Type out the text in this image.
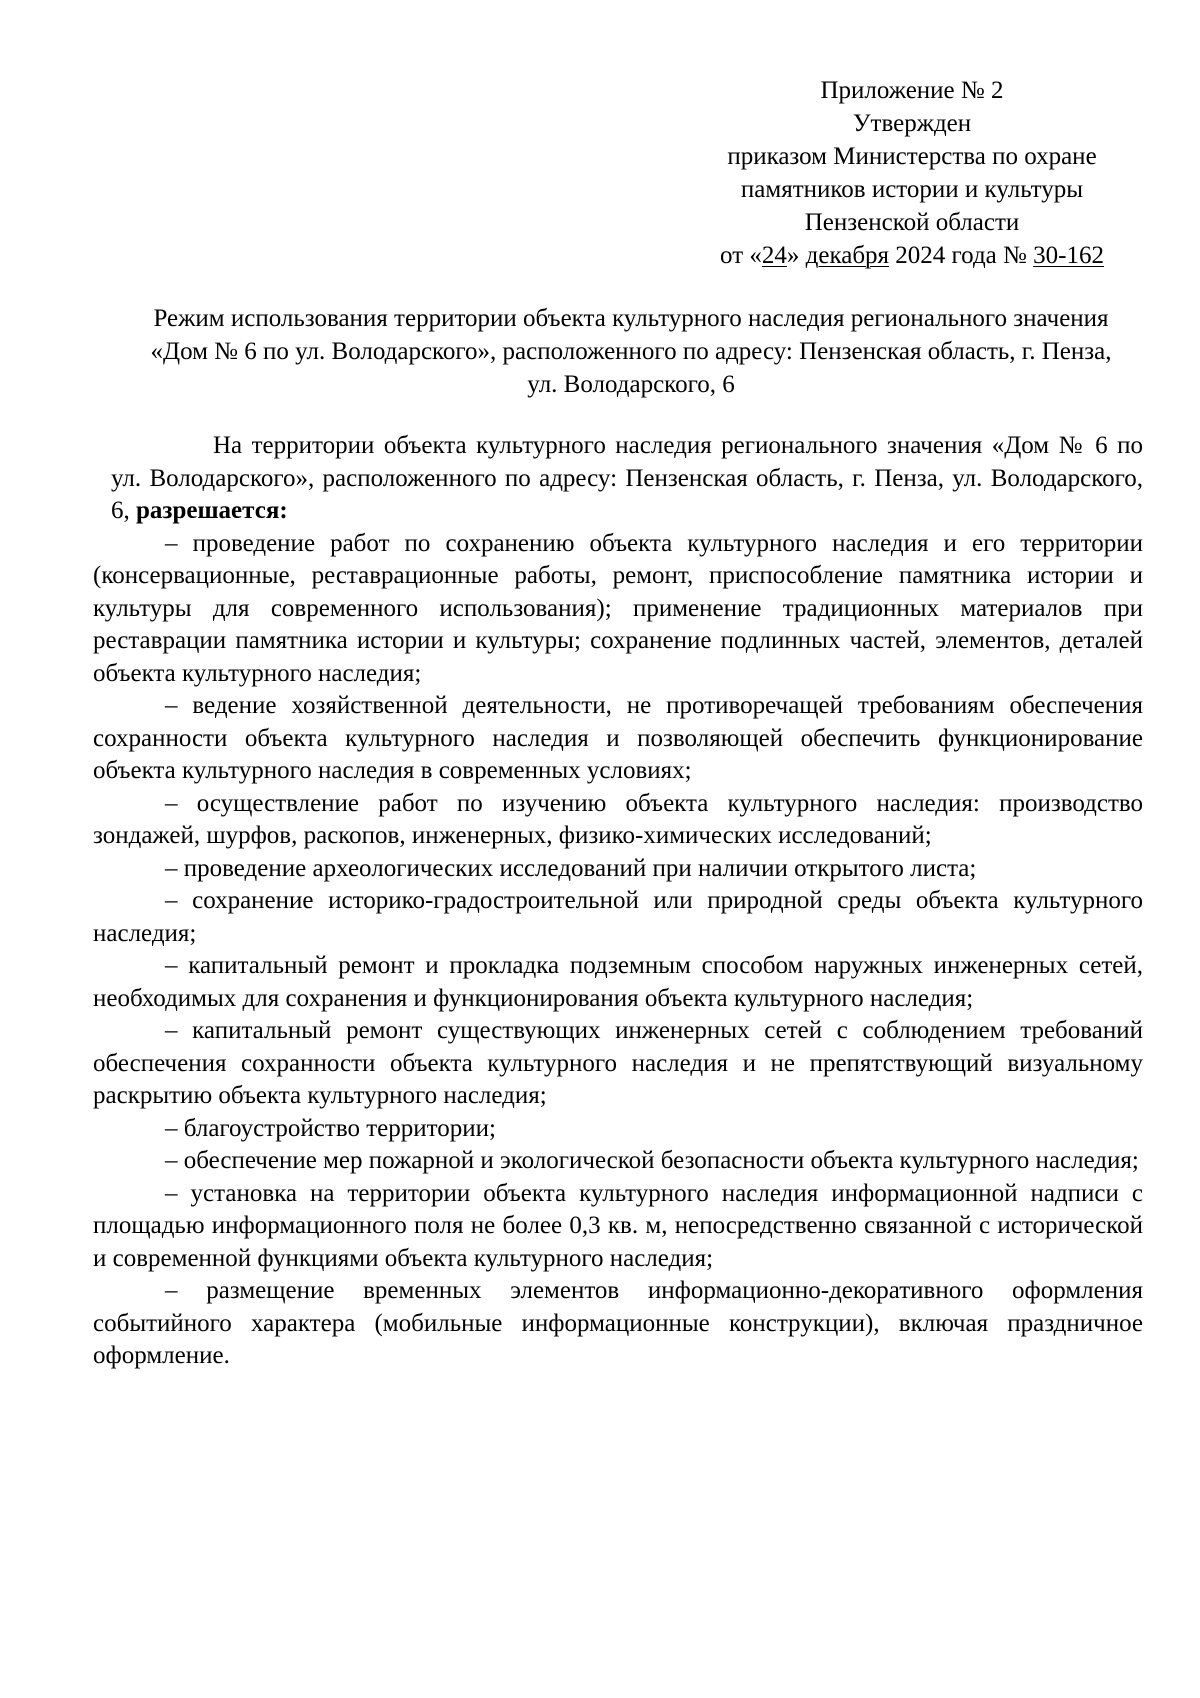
Приложение № 2
Утвержден
приказом Министерства по охране
памятников истории и культуры
Пензенской области
от «24» декабря 2024 года № 30-162
Режим использования территории объекта культурного наследия регионального значения «Дом № 6 по ул. Володарского», расположенного по адресу: Пензенская область, г. Пенза, ул. Володарского, 6

На территории объекта культурного наследия регионального значения «Дом № 6 по ул. Володарского», расположенного по адресу: Пензенская область, г. Пенза, ул. Володарского, 6, разрешается:

– проведение работ по сохранению объекта культурного наследия и его территории (консервационные, реставрационные работы, ремонт, приспособление памятника истории и культуры для современного использования); применение традиционных материалов при реставрации памятника истории и культуры; сохранение подлинных частей, элементов, деталей объекта культурного наследия;
– ведение хозяйственной деятельности, не противоречащей требованиям обеспечения сохранности объекта культурного наследия и позволяющей обеспечить функционирование объекта культурного наследия в современных условиях;
– осуществление работ по изучению объекта культурного наследия: производство зондажей, шурфов, раскопов, инженерных, физико-химических исследований;
– проведение археологических исследований при наличии открытого листа;
– сохранение историко-градостроительной или природной среды объекта культурного наследия;
– капитальный ремонт и прокладка подземным способом наружных инженерных сетей, необходимых для сохранения и функционирования объекта культурного наследия;
– капитальный ремонт существующих инженерных сетей с соблюдением требований обеспечения сохранности объекта культурного наследия и не препятствующий визуальному раскрытию объекта культурного наследия;
– благоустройство территории;
– обеспечение мер пожарной и экологической безопасности объекта культурного наследия;
– установка на территории объекта культурного наследия информационной надписи с площадью информационного поля не более 0,3 кв. м, непосредственно связанной с исторической и современной функциями объекта культурного наследия;
– размещение временных элементов информационно-декоративного оформления событийного характера (мобильные информационные конструкции), включая праздничное оформление.
